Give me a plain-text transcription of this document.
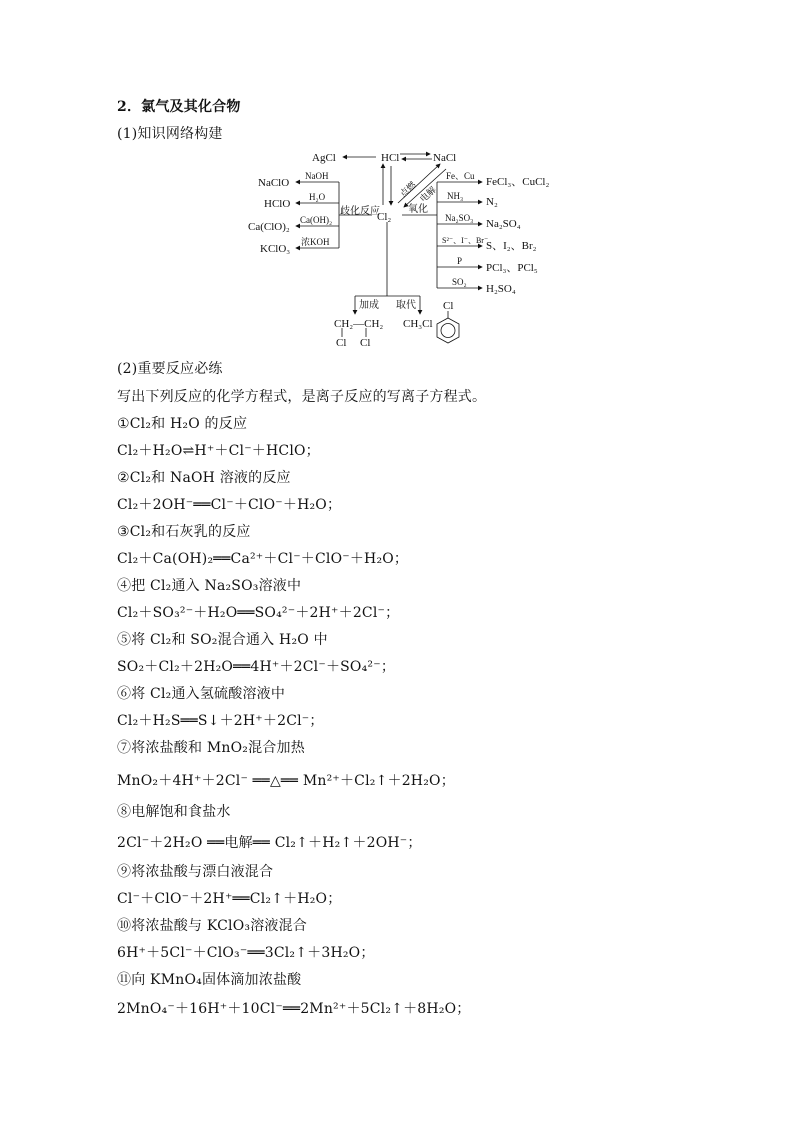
2．氯气及其化合物
(1)知识网络构建
HCl
AgCl	NaCl
Cl₂
点燃 电解
歧化反应	氧化
NaOH
NaClO
H₂O
HClO
Ca(OH)₂
Ca(ClO)₂
浓KOH
KClO₃
Fe、Cu FeCl₃、CuCl₂
NH₃ N₂
Na₂SO₃ Na₂SO₄
S²⁻、I⁻、Br⁻
S、I₂、Br₂
P
PCl₃、PCl₅
SO₂
H₂SO₄
加成 取代
CH₂—CH₂
Cl Cl
CH₃Cl
Cl
(2)重要反应必练
写出下列反应的化学方程式，是离子反应的写离子方程式。
①Cl₂和 H₂O 的反应
Cl₂＋H₂O⇌H⁺＋Cl⁻＋HClO；
②Cl₂和 NaOH 溶液的反应
Cl₂＋2OH⁻══Cl⁻＋ClO⁻＋H₂O；
③Cl₂和石灰乳的反应
Cl₂＋Ca(OH)₂══Ca²⁺＋Cl⁻＋ClO⁻＋H₂O；
④把 Cl₂通入 Na₂SO₃溶液中
Cl₂＋SO₃²⁻＋H₂O══SO₄²⁻＋2H⁺＋2Cl⁻；
⑤将 Cl₂和 SO₂混合通入 H₂O 中
SO₂＋Cl₂＋2H₂O══4H⁺＋2Cl⁻＋SO₄²⁻；
⑥将 Cl₂通入氢硫酸溶液中
Cl₂＋H₂S══S↓＋2H⁺＋2Cl⁻；
⑦将浓盐酸和 MnO₂混合加热
MnO₂＋4H⁺＋2Cl⁻ ══△══ Mn²⁺＋Cl₂↑＋2H₂O；
⑧电解饱和食盐水
2Cl⁻＋2H₂O ══电解══ Cl₂↑＋H₂↑＋2OH⁻；
⑨将浓盐酸与漂白液混合
Cl⁻＋ClO⁻＋2H⁺══Cl₂↑＋H₂O；
⑩将浓盐酸与 KClO₃溶液混合
6H⁺＋5Cl⁻＋ClO₃⁻══3Cl₂↑＋3H₂O；
⑪向 KMnO₄固体滴加浓盐酸
2MnO₄⁻＋16H⁺＋10Cl⁻══2Mn²⁺＋5Cl₂↑＋8H₂O；
